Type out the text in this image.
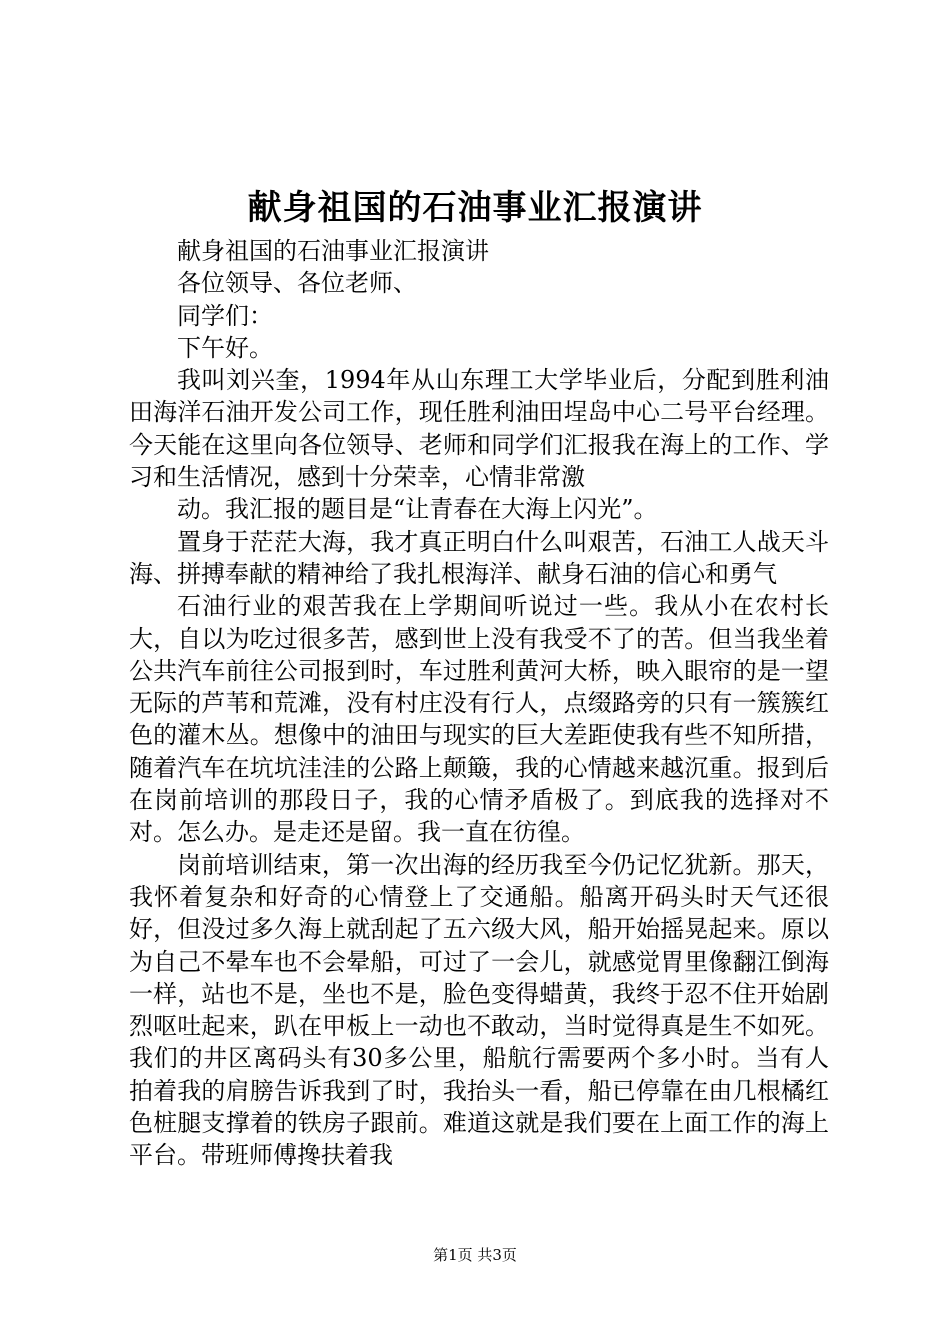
献身祖国的石油事业汇报演讲

献身祖国的石油事业汇报演讲

各位领导、各位老师、

同学们：

下午好。

我叫刘兴奎，1994年从山东理工大学毕业后，分配到胜利油田海洋石油开发公司工作，现任胜利油田埕岛中心二号平台经理。今天能在这里向各位领导、老师和同学们汇报我在海上的工作、学习和生活情况，感到十分荣幸，心情非常激

动。我汇报的题目是“让青春在大海上闪光”。

置身于茫茫大海，我才真正明白什么叫艰苦，石油工人战天斗海、拼搏奉献的精神给了我扎根海洋、献身石油的信心和勇气

石油行业的艰苦我在上学期间听说过一些。我从小在农村长大，自以为吃过很多苦，感到世上没有我受不了的苦。但当我坐着公共汽车前往公司报到时，车过胜利黄河大桥，映入眼帘的是一望无际的芦苇和荒滩，没有村庄没有行人，点缀路旁的只有一簇簇红色的灌木丛。想像中的油田与现实的巨大差距使我有些不知所措，随着汽车在坑坑洼洼的公路上颠簸，我的心情越来越沉重。报到后在岗前培训的那段日子，我的心情矛盾极了。到底我的选择对不对。怎么办。是走还是留。我一直在彷徨。

岗前培训结束，第一次出海的经历我至今仍记忆犹新。那天，我怀着复杂和好奇的心情登上了交通船。船离开码头时天气还很好，但没过多久海上就刮起了五六级大风，船开始摇晃起来。原以为自己不晕车也不会晕船，可过了一会儿，就感觉胃里像翻江倒海一样，站也不是，坐也不是，脸色变得蜡黄，我终于忍不住开始剧烈呕吐起来，趴在甲板上一动也不敢动，当时觉得真是生不如死。我们的井区离码头有30多公里，船航行需要两个多小时。当有人拍着我的肩膀告诉我到了时，我抬头一看，船已停靠在由几根橘红色桩腿支撑着的铁房子跟前。难道这就是我们要在上面工作的海上平台。带班师傅搀扶着我

第1页 共3页
